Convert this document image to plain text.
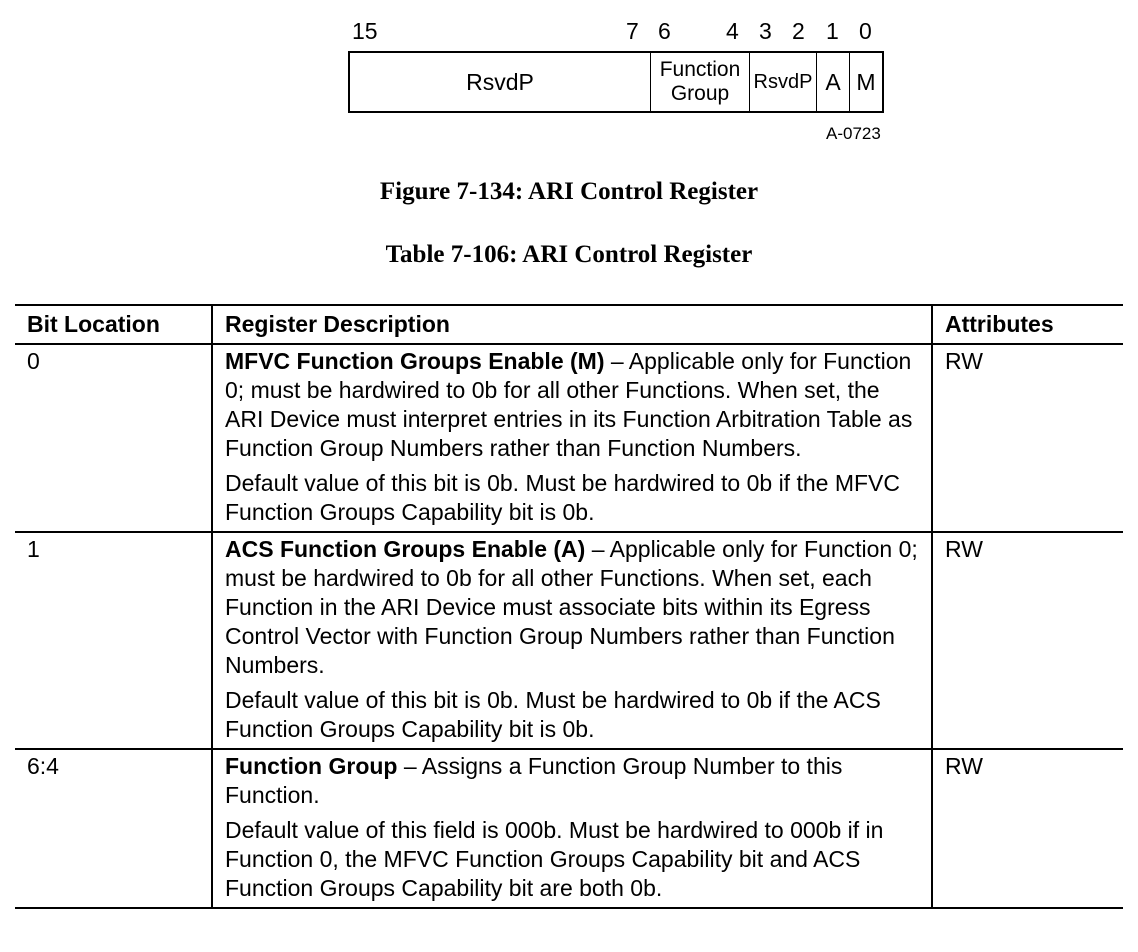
15	7 6 4 3 2 1 0
RsvdP	Function Group
RsvdP A M
A-0723
Figure 7-134: ARI Control Register
Table 7-106: ARI Control Register
Bit Location	Register Description	Attributes
0	MFVC Function Groups Enable (M) – Applicable only for Function 0; must be hardwired to 0b for all other Functions. When set, the ARI Device must interpret entries in its Function Arbitration Table as Function Group Numbers rather than Function Numbers.

Default value of this bit is 0b. Must be hardwired to 0b if the MFVC Function Groups Capability bit is 0b.	RW
1	ACS Function Groups Enable (A) – Applicable only for Function 0; must be hardwired to 0b for all other Functions. When set, each Function in the ARI Device must associate bits within its Egress Control Vector with Function Group Numbers rather than Function Numbers.

Default value of this bit is 0b. Must be hardwired to 0b if the ACS Function Groups Capability bit is 0b.	RW
6:4	Function Group – Assigns a Function Group Number to this Function.

Default value of this field is 000b. Must be hardwired to 000b if in Function 0, the MFVC Function Groups Capability bit and ACS Function Groups Capability bit are both 0b.	RW
